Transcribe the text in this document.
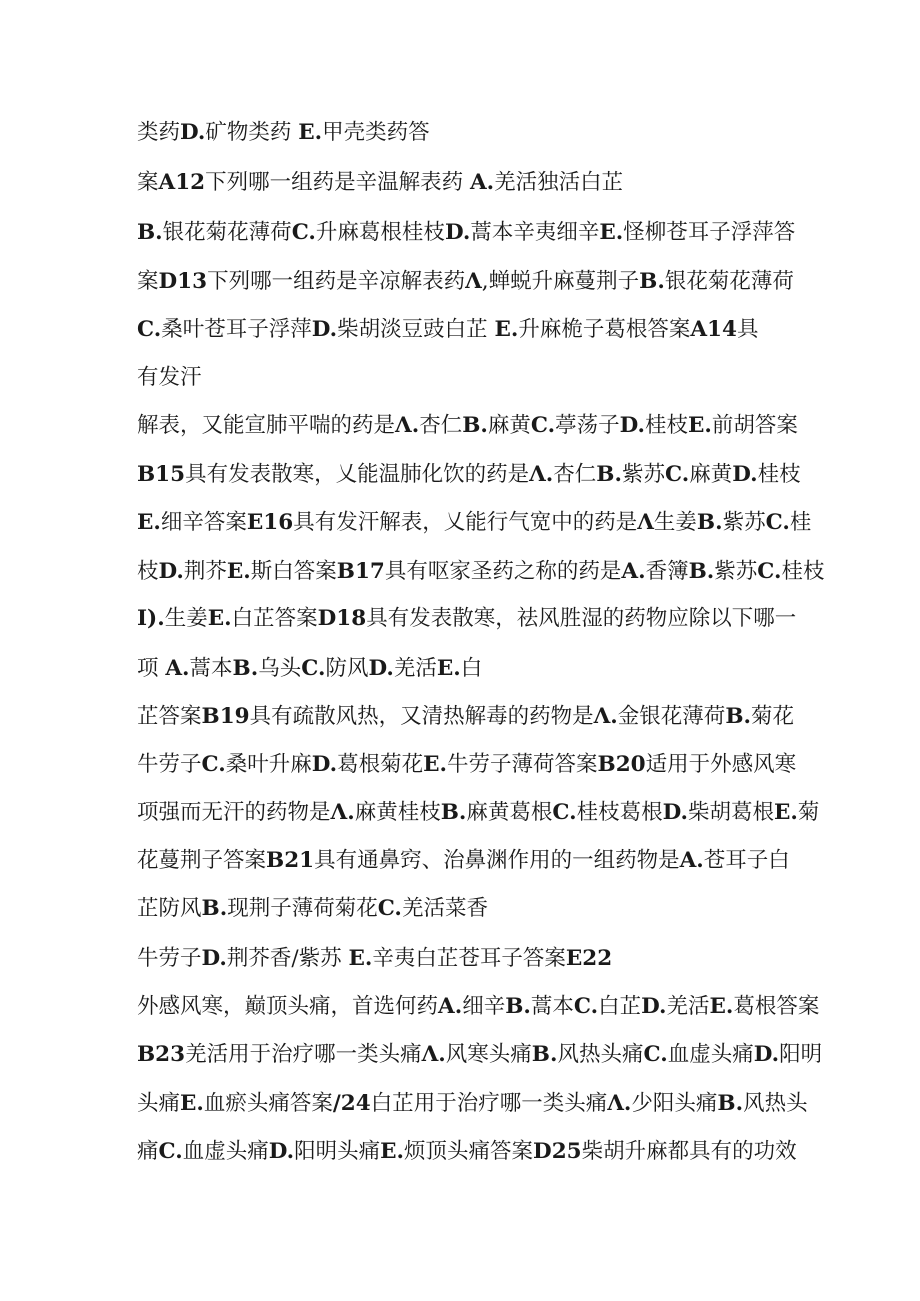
类药D.矿物类药 E.甲壳类药答
案A12下列哪一组药是辛温解表药 A.羌活独活白芷
B.银花菊花薄荷C.升麻葛根桂枝D.蒿本辛夷细辛E.怪柳苍耳子浮萍答
案D13下列哪一组药是辛凉解表药Λ,蝉蜕升麻蔓荆子B.银花菊花薄荷
C.桑叶苍耳子浮萍D.柴胡淡豆豉白芷 E.升麻桅子葛根答案A14具
有发汗
解表，又能宣肺平喘的药是Λ.杏仁B.麻黄C.葶荡子D.桂枝E.前胡答案
B15具有发表散寒，乂能温肺化饮的药是Λ.杏仁B.紫苏C.麻黄D.桂枝
E.细辛答案E16具有发汗解表，乂能行气宽中的药是Λ生姜B.紫苏C.桂
枝D.荆芥E.斯白答案B17具有呕家圣药之称的药是A.香簿B.紫苏C.桂枝
I).生姜E.白芷答案D18具有发表散寒，祛风胜湿的药物应除以下哪一
项 A.蒿本B.乌头C.防风D.羌活E.白
芷答案B19具有疏散风热，又清热解毒的药物是Λ.金银花薄荷B.菊花
牛劳子C.桑叶升麻D.葛根菊花E.牛劳子薄荷答案B20适用于外感风寒
项强而无汗的药物是Λ.麻黄桂枝B.麻黄葛根C.桂枝葛根D.柴胡葛根E.菊
花蔓荆子答案B21具有通鼻窍、治鼻渊作用的一组药物是A.苍耳子白
芷防风B.现荆子薄荷菊花C.羌活菜香
牛劳子D.荆芥香/紫苏 E.辛夷白芷苍耳子答案E22
外感风寒，巅顶头痛，首选何药A.细辛B.蒿本C.白芷D.羌活E.葛根答案
B23羌活用于治疗哪一类头痛Λ.风寒头痛B.风热头痛C.血虚头痛D.阳明
头痛E.血瘀头痛答案/24白芷用于治疗哪一类头痛Λ.少阳头痛B.风热头
痛C.血虚头痛D.阳明头痛E.烦顶头痛答案D25柴胡升麻都具有的功效
